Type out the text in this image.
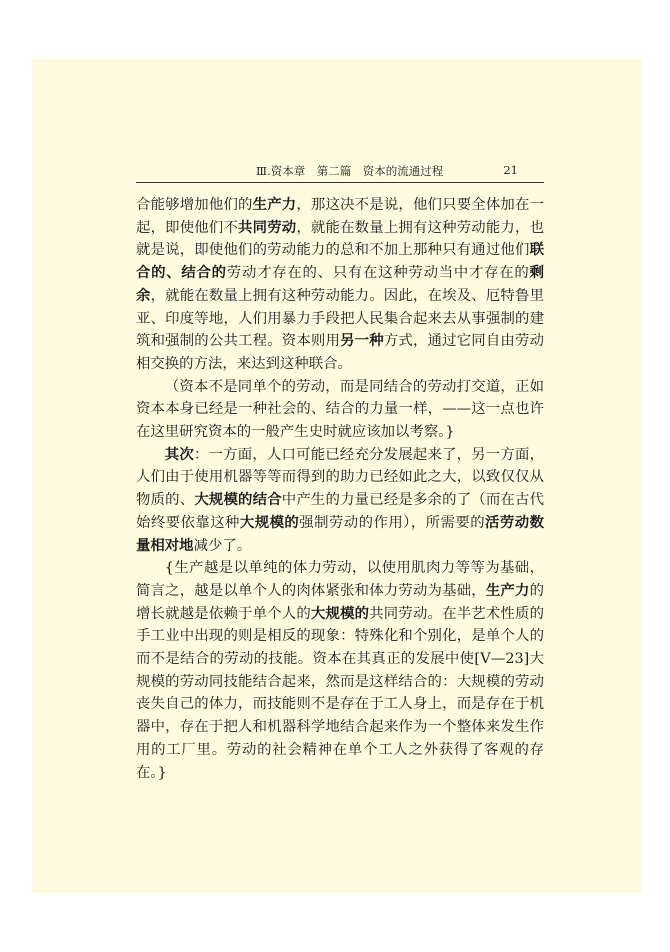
Ⅲ.资本章　第二篇　资本的流通过程	21

合能够增加他们的生产力，那这决不是说，他们只要全体加在一起，即使他们不共同劳动，就能在数量上拥有这种劳动能力，也就是说，即使他们的劳动能力的总和不加上那种只有通过他们联合的、结合的劳动才存在的、只有在这种劳动当中才存在的剩余，就能在数量上拥有这种劳动能力。因此，在埃及、厄特鲁里亚、印度等地，人们用暴力手段把人民集合起来去从事强制的建筑和强制的公共工程。资本则用另一种方式，通过它同自由劳动相交换的方法，来达到这种联合。

（资本不是同单个的劳动，而是同结合的劳动打交道，正如资本本身已经是一种社会的、结合的力量一样，——这一点也许在这里研究资本的一般产生史时就应该加以考察。}

其次：一方面，人口可能已经充分发展起来了，另一方面，人们由于使用机器等等而得到的助力已经如此之大，以致仅仅从物质的、大规模的结合中产生的力量已经是多余的了（而在古代始终要依靠这种大规模的强制劳动的作用），所需要的活劳动数量相对地减少了。

{生产越是以单纯的体力劳动，以使用肌肉力等等为基础，简言之，越是以单个人的肉体紧张和体力劳动为基础，生产力的增长就越是依赖于单个人的大规模的共同劳动。在半艺术性质的手工业中出现的则是相反的现象：特殊化和个别化，是单个人的而不是结合的劳动的技能。资本在其真正的发展中使[Ⅴ—23]大规模的劳动同技能结合起来，然而是这样结合的：大规模的劳动丧失自己的体力，而技能则不是存在于工人身上，而是存在于机器中，存在于把人和机器科学地结合起来作为一个整体来发生作用的工厂里。劳动的社会精神在单个工人之外获得了客观的存在。}
